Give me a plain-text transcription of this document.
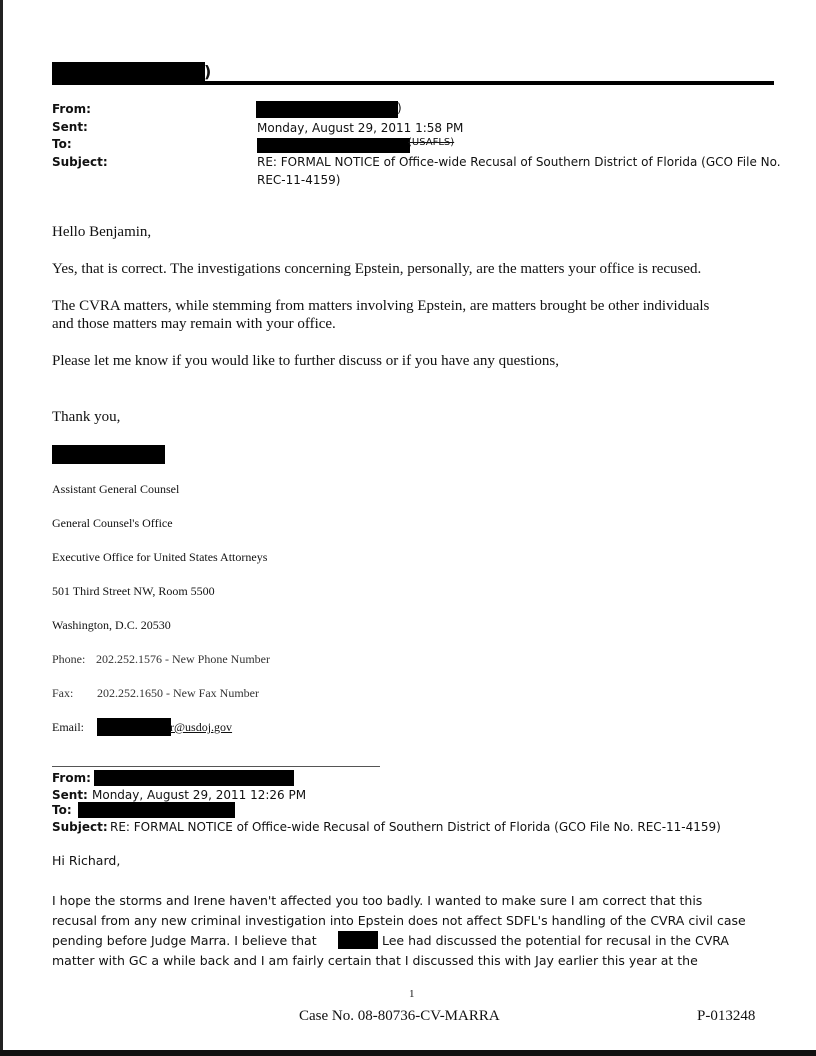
)
From:	)
Sent:	Monday, August 29, 2011 1:58 PM
To:	(USAFLS)
Subject:	RE: FORMAL NOTICE of Office-wide Recusal of Southern District of Florida (GCO File No.
REC-11-4159)
Hello Benjamin,
Yes, that is correct. The investigations concerning Epstein, personally, are the matters your office is recused.
The CVRA matters, while stemming from matters involving Epstein, are matters brought be other individuals
and those matters may remain with your office.
Please let me know if you would like to further discuss or if you have any questions,
Thank you,
Assistant General Counsel
General Counsel's Office
Executive Office for United States Attorneys
501 Third Street NW, Room 5500
Washington, D.C. 20530
Phone: 202.252.1576 - New Phone Number
Fax: 202.252.1650 - New Fax Number
Email:	r@usdoj.gov
From:
Sent: Monday, August 29, 2011 12:26 PM
To:
Subject: RE: FORMAL NOTICE of Office-wide Recusal of Southern District of Florida (GCO File No. REC-11-4159)
Hi Richard,
I hope the storms and Irene haven't affected you too badly. I wanted to make sure I am correct that this
recusal from any new criminal investigation into Epstein does not affect SDFL's handling of the CVRA civil case
pending before Judge Marra. I believe that	Lee had discussed the potential for recusal in the CVRA
matter with GC a while back and I am fairly certain that I discussed this with Jay earlier this year at the
1
Case No. 08-80736-CV-MARRA	P-013248
